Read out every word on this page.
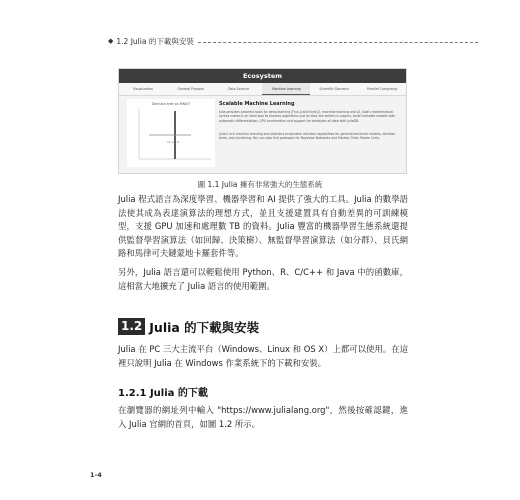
◆ 1.2 Julia 的下載與安裝
Ecosystem
Visualization	General Purpose	Data Science	Machine Learning	Scientific Domains	Parallel Computing
Decision tree on MNIST
x1 ≤ 0.5
Scalable Machine Learning
Julia provides powerful tools for deep learning (Flux.jl and Knet.jl), machine learning and AI. Julia's mathematical syntax makes it an ideal way to express algorithms just as they are written in papers, build trainable models with automatic differentiation, GPU acceleration and support for terabytes of data with JuliaDB.
Julia's rich machine learning and statistics ecosystem includes capabilities for generalized linear models, decision trees, and clustering. You can also find packages for Bayesian Networks and Markov Chain Monte Carlo.
圖 1.1 Julia 擁有非常強大的生態系統
Julia 程式語言為深度學習、機器學習和 AI 提供了強大的工具。Julia 的數學語法使其成為表達演算法的理想方式，並且支援建置具有自動差異的可訓練模型，支援 GPU 加速和處理數 TB 的資料。Julia 豐富的機器學習生態系統還提供監督學習演算法（如回歸、決策樹）、無監督學習演算法（如分群）、貝氏網路和馬律可夫鏈蒙地卡羅套件等。
另外，Julia 語言還可以輕鬆使用 Python、R、C/C++ 和 Java 中的函數庫，這相當大地擴充了 Julia 語言的使用範圍。
1.2 Julia 的下載與安裝
Julia 在 PC 三大主流平台（Windows、Linux 和 OS X）上都可以使用。在這裡只說明 Julia 在 Windows 作業系統下的下載和安裝。
1.2.1 Julia 的下載
在瀏覽器的網址列中輸入 "https://www.julialang.org"，然後按確認鍵，進入 Julia 官網的首頁，如圖 1.2 所示。
1-4
